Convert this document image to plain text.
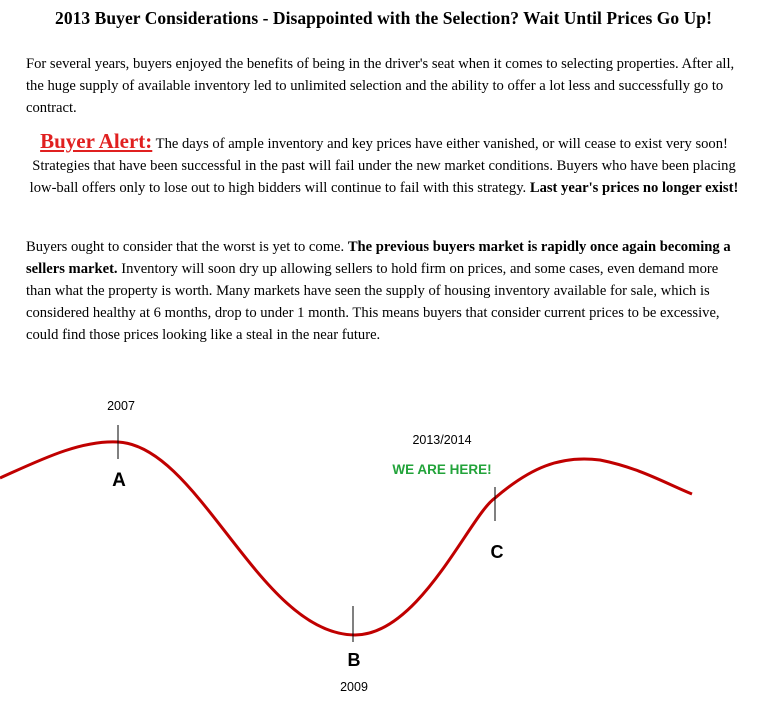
2013 Buyer Considerations - Disappointed with the Selection? Wait Until Prices Go Up!
For several years, buyers enjoyed the benefits of being in the driver's seat when it comes to selecting properties. After all, the huge supply of available inventory led to unlimited selection and the ability to offer a lot less and successfully go to contract.
Buyer Alert: The days of ample inventory and key prices have either vanished, or will cease to exist very soon! Strategies that have been successful in the past will fail under the new market conditions. Buyers who have been placing low-ball offers only to lose out to high bidders will continue to fail with this strategy. Last year's prices no longer exist!
Buyers ought to consider that the worst is yet to come. The previous buyers market is rapidly once again becoming a sellers market. Inventory will soon dry up allowing sellers to hold firm on prices, and some cases, even demand more than what the property is worth. Many markets have seen the supply of housing inventory available for sale, which is considered healthy at 6 months, drop to under 1 month. This means buyers that consider current prices to be excessive, could find those prices looking like a steal in the near future.
2007
A
B
2009
2013/2014
WE ARE HERE!
C
